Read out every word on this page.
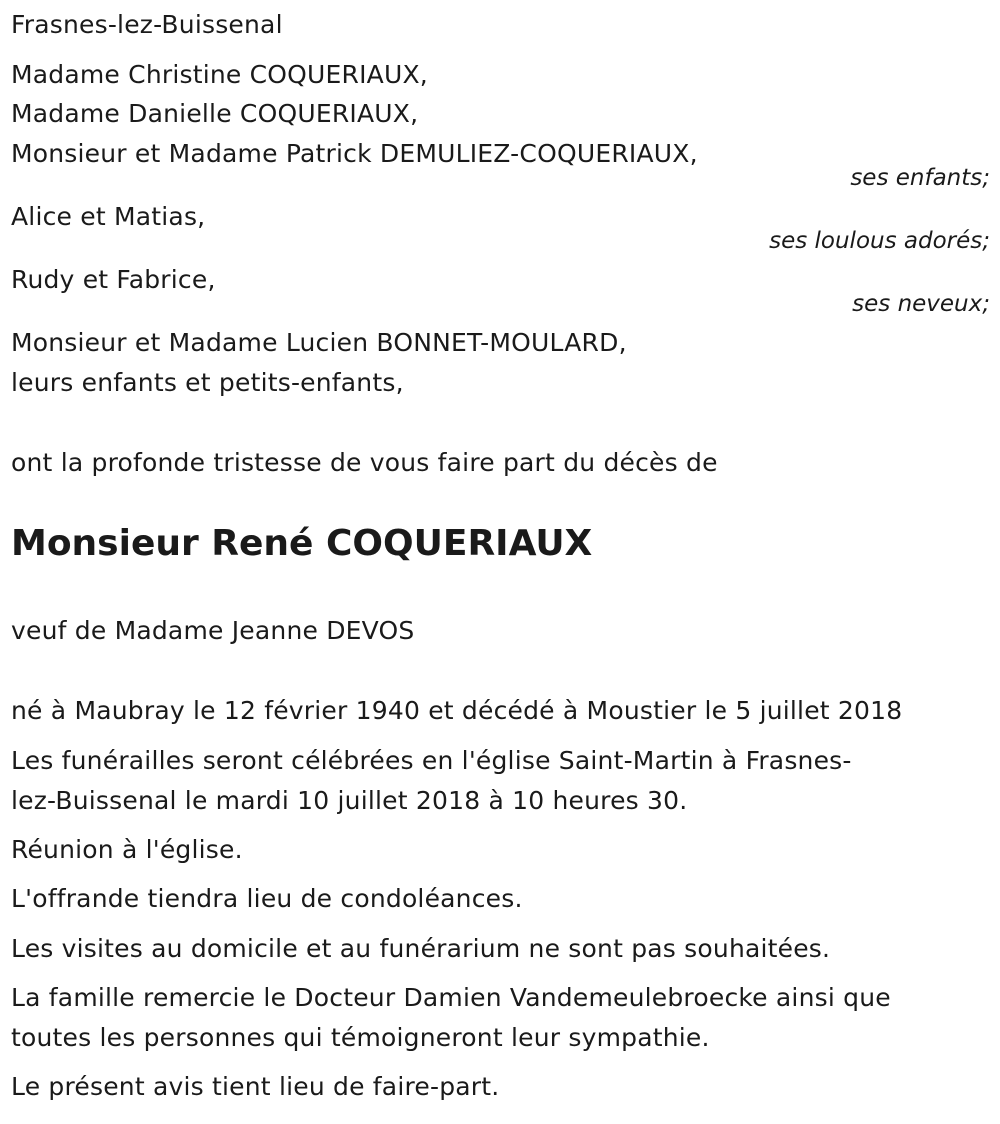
Frasnes-lez-Buissenal
Madame Christine COQUERIAUX,
Madame Danielle COQUERIAUX,
Monsieur et Madame Patrick DEMULIEZ-COQUERIAUX,
ses enfants;
Alice et Matias,
ses loulous adorés;
Rudy et Fabrice,
ses neveux;
Monsieur et Madame Lucien BONNET-MOULARD,
leurs enfants et petits-enfants,
ont la profonde tristesse de vous faire part du décès de
Monsieur René COQUERIAUX
veuf de Madame Jeanne DEVOS
né à Maubray le 12 février 1940 et décédé à Moustier le 5 juillet 2018
Les funérailles seront célébrées en l'église Saint-Martin à Frasnes-
lez-Buissenal le mardi 10 juillet 2018 à 10 heures 30.
Réunion à l'église.
L'offrande tiendra lieu de condoléances.
Les visites au domicile et au funérarium ne sont pas souhaitées.
La famille remercie le Docteur Damien Vandemeulebroecke ainsi que
toutes les personnes qui témoigneront leur sympathie.
Le présent avis tient lieu de faire-part.
